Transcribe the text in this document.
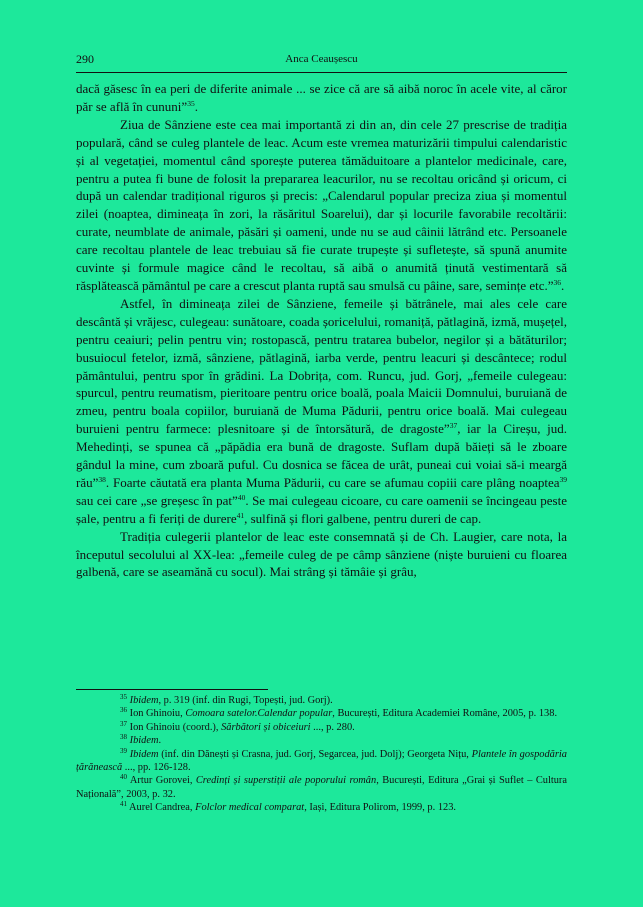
290	Anca Ceaușescu

dacă găsesc în ea peri de diferite animale ... se zice că are să aibă noroc în acele vite, al căror păr se află în cununi”$^{35}$.

Ziua de Sânziene este cea mai importantă zi din an, din cele 27 prescrise de tradiția populară, când se culeg plantele de leac. Acum este vremea maturizării timpului calendaristic și al vegetației, momentul când sporește puterea tămăduitoare a plantelor medicinale, care, pentru a putea fi bune de folosit la prepararea leacurilor, nu se recoltau oricând și oricum, ci după un calendar tradițional riguros și precis: „Calendarul popular preciza ziua și momentul zilei (noaptea, dimineața în zori, la răsăritul Soarelui), dar și locurile favorabile recoltării: curate, neumblate de animale, păsări și oameni, unde nu se aud câinii lătrând etc. Persoanele care recoltau plantele de leac trebuiau să fie curate trupește și sufletește, să spună anumite cuvinte și formule magice când le recoltau, să aibă o anumită ținută vestimentară să răsplătească pământul pe care a crescut planta ruptă sau smulsă cu pâine, sare, semințe etc.”$^{36}$.

Astfel, în dimineața zilei de Sânziene, femeile și bătrânele, mai ales cele care descântă și vrăjesc, culegeau: sunătoare, coada șoricelului, romaniță, pătlagină, izmă, mușețel, pentru ceaiuri; pelin pentru vin; rostopască, pentru tratarea bubelor, negilor și a bătăturilor; busuiocul fetelor, izmă, sânziene, pătlagină, iarba verde, pentru leacuri și descântece; rodul pământului, pentru spor în grădini. La Dobrița, com. Runcu, jud. Gorj, „femeile culegeau: spurcul, pentru reumatism, pieritoare pentru orice boală, poala Maicii Domnului, buruiană de zmeu, pentru boala copiilor, buruiană de Muma Pădurii, pentru orice boală. Mai culegeau buruieni pentru farmece: plesnitoare și de întorsătură, de dragoste”$^{37}$, iar la Cireșu, jud. Mehedinți, se spunea că „păpădia era bună de dragoste. Suflam după băieți să le zboare gândul la mine, cum zboară puful. Cu dosnica se făcea de urât, puneai cui voiai să-i meargă rău”$^{38}$. Foarte căutată era planta Muma Pădurii, cu care se afumau copiii care plâng noaptea$^{39}$ sau cei care „se greșesc în pat”$^{40}$. Se mai culegeau cicoare, cu care oamenii se încingeau peste șale, pentru a fi feriți de durere$^{41}$, sulfină și flori galbene, pentru dureri de cap.

Tradiția culegerii plantelor de leac este consemnată și de Ch. Laugier, care nota, la începutul secolului al XX-lea: „femeile culeg de pe câmp sânziene (niște buruieni cu floarea galbenă, care se aseamănă cu socul). Mai strâng și tămâie și grâu,

$^{35}$ Ibidem, p. 319 (inf. din Rugi, Topești, jud. Gorj).

$^{36}$ Ion Ghinoiu, Comoara satelor.Calendar popular, București, Editura Academiei Române, 2005, p. 138.

$^{37}$ Ion Ghinoiu (coord.), Sărbători și obiceiuri ..., p. 280.

$^{38}$ Ibidem.

$^{39}$ Ibidem (inf. din Dănești și Crasna, jud. Gorj, Segarcea, jud. Dolj); Georgeta Nițu, Plantele în gospodăria țărănească ..., pp. 126-128.

$^{40}$ Artur Gorovei, Credinți și superstiții ale poporului român, București, Editura „Grai și Suflet – Cultura Națională”, 2003, p. 32.

$^{41}$ Aurel Candrea, Folclor medical comparat, Iași, Editura Polirom, 1999, p. 123.
